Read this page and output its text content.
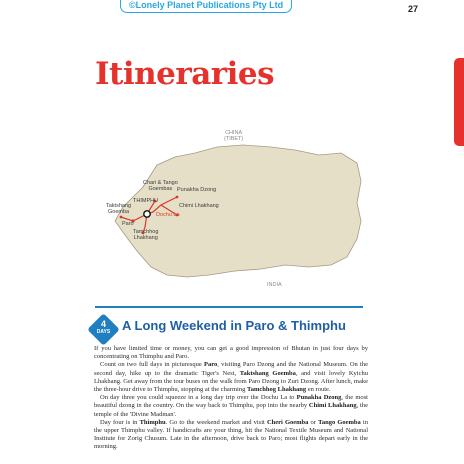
©Lonely Planet Publications Pty Ltd	27
Itineraries
CHINA
(TIBET)
Chari & Tango
Goembas Punakha Dzong
THIMPHU
Chimi Lhakhang
Dochu La
Taktshang
Goemba
Paro
Tamchhog
Lhakhang
INDIA
4
DAYS A Long Weekend in Paro & Thimphu

If you have limited time or money, you can get a good impression of Bhutan in just four days by concentrating on Thimphu and Paro.

Count on two full days in picturesque Paro, visiting Paro Dzong and the National Museum. On the second day, hike up to the dramatic Tiger's Nest, Taktshang Goemba, and visit lovely Kyichu Lhakhang. Get away from the tour buses on the walk from Paro Dzong to Zuri Dzong. After lunch, make the three-hour drive to Thimphu, stopping at the charming Tamchhog Lhakhang en route.

On day three you could squeeze in a long day trip over the Dochu La to Punakha Dzong, the most beautiful dzong in the country. On the way back to Thimphu, pop into the nearby Chimi Lhakhang, the temple of the 'Divine Madman'.

Day four is in Thimphu. Go to the weekend market and visit Cheri Goemba or Tango Goemba in the upper Thimphu valley. If handicrafts are your thing, hit the National Textile Museum and National Institute for Zorig Chusum. Late in the afternoon, drive back to Paro; most flights depart early in the morning.
